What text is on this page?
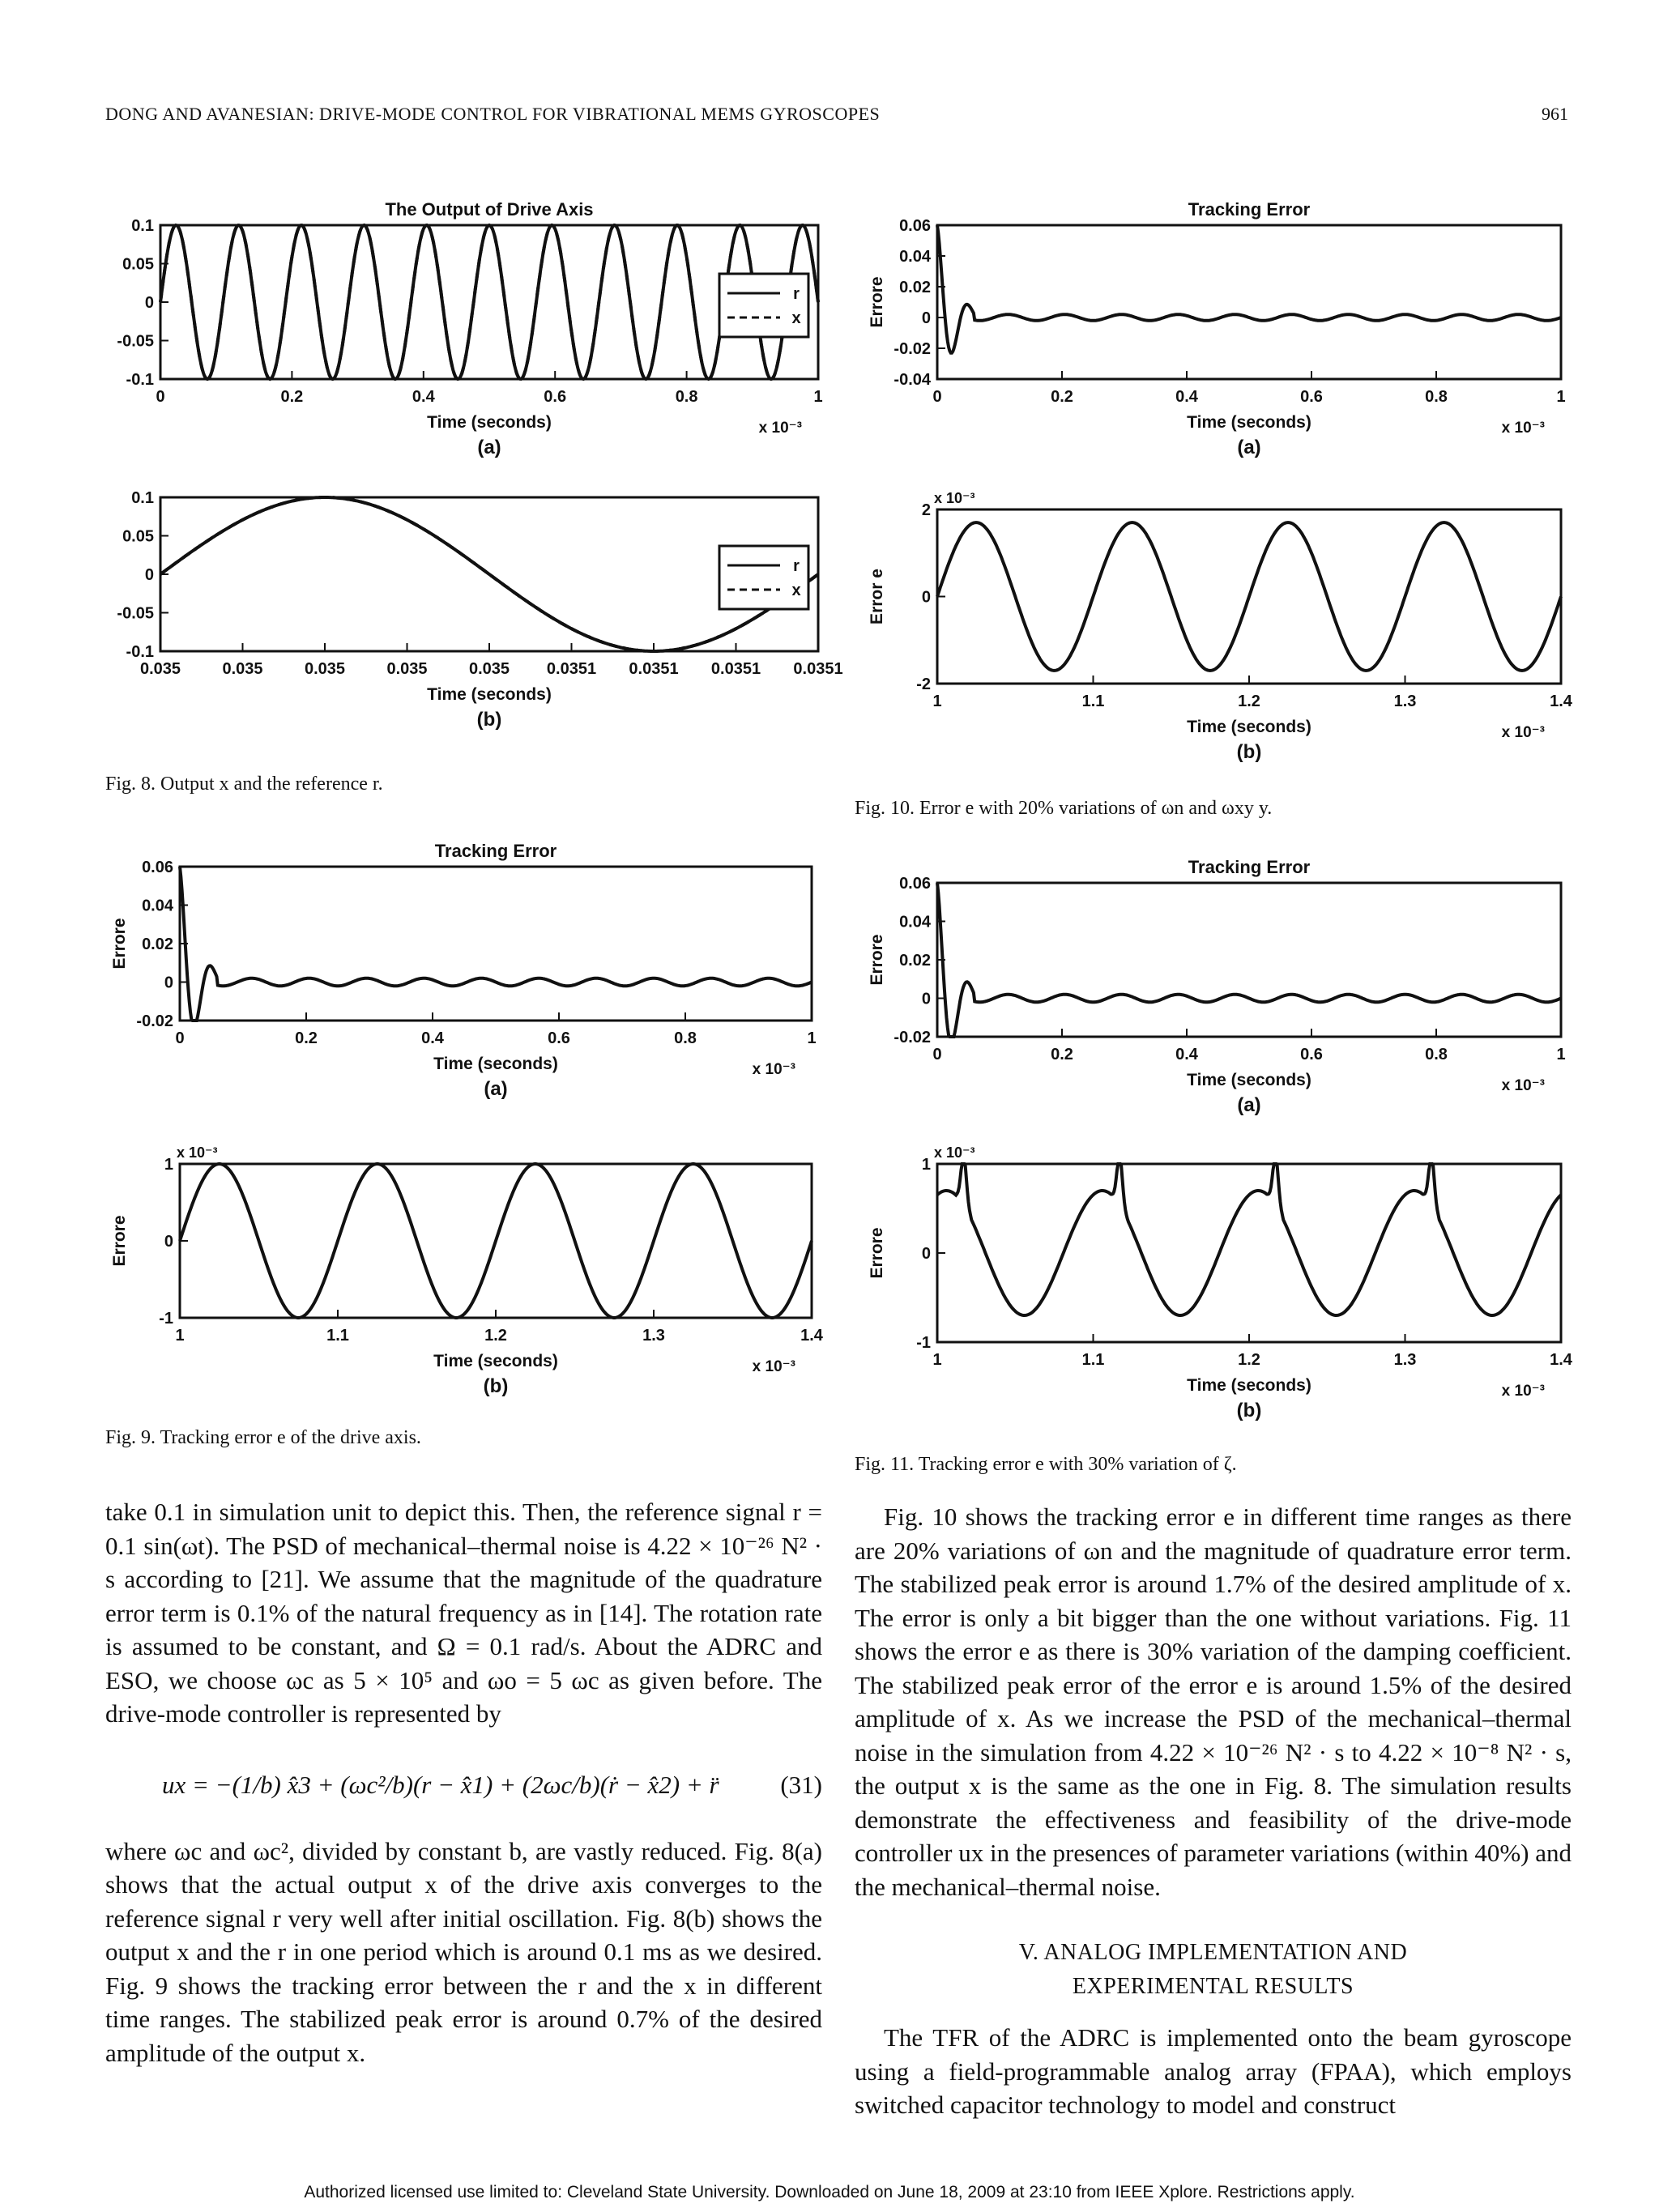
DONG AND AVANESIAN: DRIVE-MODE CONTROL FOR VIBRATIONAL MEMS GYROSCOPES	961
The Output of Drive Axis
Time (seconds)
(a)
x 10⁻³
0	0.2	0.4	0.6	0.8	1
0.1
0.05
0
-0.05
-0.1
r
x
Time (seconds)
(b)
0.035	0.035	0.035	0.035	0.035 0.0351 0.0351 0.0351 0.0351
0.1
0.05
0
-0.05
-0.1
r
x
Tracking Error
Errore
Time (seconds)
(a)
x 10⁻³
0	0.2	0.4	0.6	0.8	1
0.06
0.04
0.02
0
-0.02
Errore
Time (seconds)
(b)
x 10⁻³
x 10⁻³
1	1.1	1.2	1.3	1.4
1
0
-1
Tracking Error
Errore
Time (seconds)
(a)
x 10⁻³
0	0.2	0.4	0.6	0.8	1
0.06
0.04
0.02
0
-0.02
-0.04
Error e
Time (seconds)
(b)
x 10⁻³
x 10⁻³
1	1.1	1.2	1.3	1.4
2
0
-2
Tracking Error
Errore
Time (seconds)
(a)
x 10⁻³
0	0.2	0.4	0.6	0.8	1
0.06
0.04
0.02
0
-0.02
Errore
Time (seconds)
(b)
x 10⁻³
x 10⁻³
1	1.1	1.2	1.3	1.4
1
0
-1
Fig. 8. Output x and the reference r.
Fig. 9. Tracking error e of the drive axis.
Fig. 10. Error e with 20% variations of ωn and ωxy y.
Fig. 11. Tracking error e with 30% variation of ζ.

take 0.1 in simulation unit to depict this. Then, the reference signal r = 0.1 sin(ωt). The PSD of mechanical–thermal noise is 4.22 × 10⁻²⁶ N² · s according to [21]. We assume that the magnitude of the quadrature error term is 0.1% of the natural frequency as in [14]. The rotation rate is assumed to be constant, and Ω = 0.1 rad/s. About the ADRC and ESO, we choose ωc as 5 × 10⁵ and ωo = 5 ωc as given before. The drive-mode controller is represented by

ux = −(1/b) x̂3 + (ωc²/b)(r − x̂1) + (2ωc/b)(ṙ − x̂2) + r̈ (31)

where ωc and ωc², divided by constant b, are vastly reduced. Fig. 8(a) shows that the actual output x of the drive axis converges to the reference signal r very well after initial oscillation. Fig. 8(b) shows the output x and the r in one period which is around 0.1 ms as we desired. Fig. 9 shows the tracking error between the r and the x in different time ranges. The stabilized peak error is around 0.7% of the desired amplitude of the output x.

Fig. 10 shows the tracking error e in different time ranges as there are 20% variations of ωn and the magnitude of quadrature error term. The stabilized peak error is around 1.7% of the desired amplitude of x. The error is only a bit bigger than the one without variations. Fig. 11 shows the error e as there is 30% variation of the damping coefficient. The stabilized peak error of the error e is around 1.5% of the desired amplitude of x. As we increase the PSD of the mechanical–thermal noise in the simulation from 4.22 × 10⁻²⁶ N² · s to 4.22 × 10⁻⁸ N² · s, the output x is the same as the one in Fig. 8. The simulation results demonstrate the effectiveness and feasibility of the drive-mode controller ux in the presences of parameter variations (within 40%) and the mechanical–thermal noise.

V. ANALOG IMPLEMENTATION AND
EXPERIMENTAL RESULTS

The TFR of the ADRC is implemented onto the beam gyroscope using a field-programmable analog array (FPAA), which employs switched capacitor technology to model and construct

Authorized licensed use limited to: Cleveland State University. Downloaded on June 18, 2009 at 23:10 from IEEE Xplore. Restrictions apply.
